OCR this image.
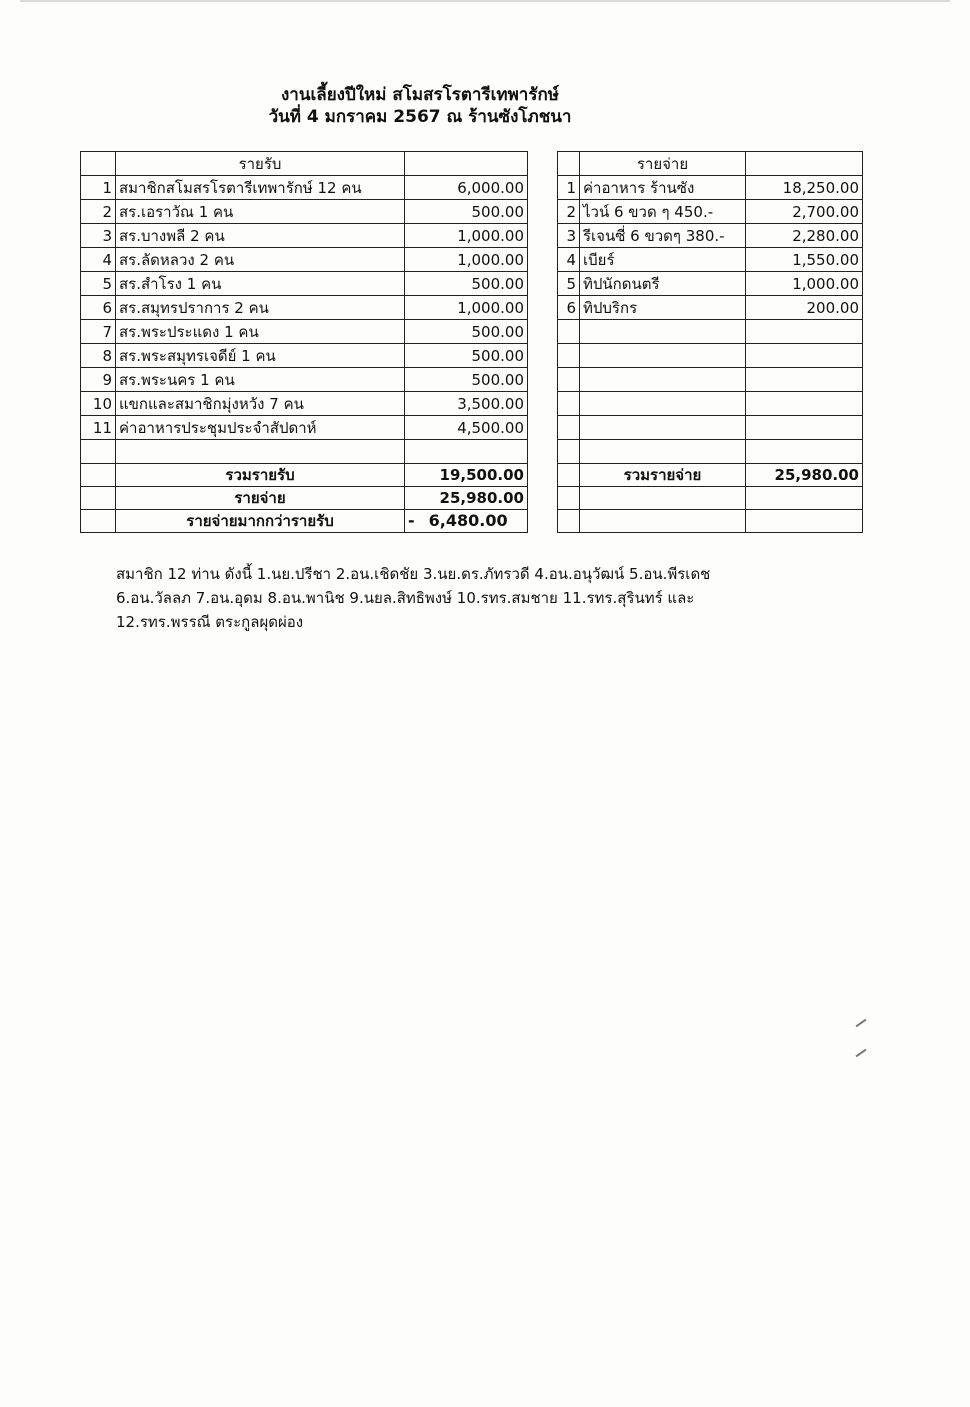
งานเลี้ยงปีใหม่ สโมสรโรตารีเทพารักษ์
วันที่ 4 มกราคม 2567 ณ ร้านซังโภชนา
	รายรับ				รายจ่าย	
1	สมาชิกสโมสรโรตารีเทพารักษ์ 12 คน	6,000.00		1	ค่าอาหาร ร้านซัง	18,250.00
2	สร.เอราวัณ 1 คน	500.00		2	ไวน์ 6 ขวด ๆ 450.-	2,700.00
3	สร.บางพลี 2 คน	1,000.00		3	รีเจนซี่ 6 ขวดๆ 380.-	2,280.00
4	สร.ลัดหลวง 2 คน	1,000.00		4	เบียร์	1,550.00
5	สร.สำโรง 1 คน	500.00		5	ทิปนักดนตรี	1,000.00
6	สร.สมุทรปราการ 2 คน	1,000.00		6	ทิปบริกร	200.00
7	สร.พระประแดง 1 คน	500.00				
8	สร.พระสมุทรเจดีย์ 1 คน	500.00				
9	สร.พระนคร 1 คน	500.00				
10	แขกและสมาชิกมุ่งหวัง 7 คน	3,500.00				
11	ค่าอาหารประชุมประจำสัปดาห์	4,500.00				

	รวมรายรับ	19,500.00			รวมรายจ่าย	25,980.00
	รายจ่าย	25,980.00				
	รายจ่ายมากกว่ารายรับ	- 6,480.00				
สมาชิก 12 ท่าน ดังนี้ 1.นย.ปรีชา 2.อน.เชิดชัย 3.นย.ดร.ภัทรวดี 4.อน.อนุวัฒน์ 5.อน.พีรเดช
6.อน.วัลลภ 7.อน.อุดม 8.อน.พานิช 9.นยล.สิทธิพงษ์ 10.รทร.สมชาย 11.รทร.สุรินทร์ และ
12.รทร.พรรณี ตระกูลผุดผ่อง
